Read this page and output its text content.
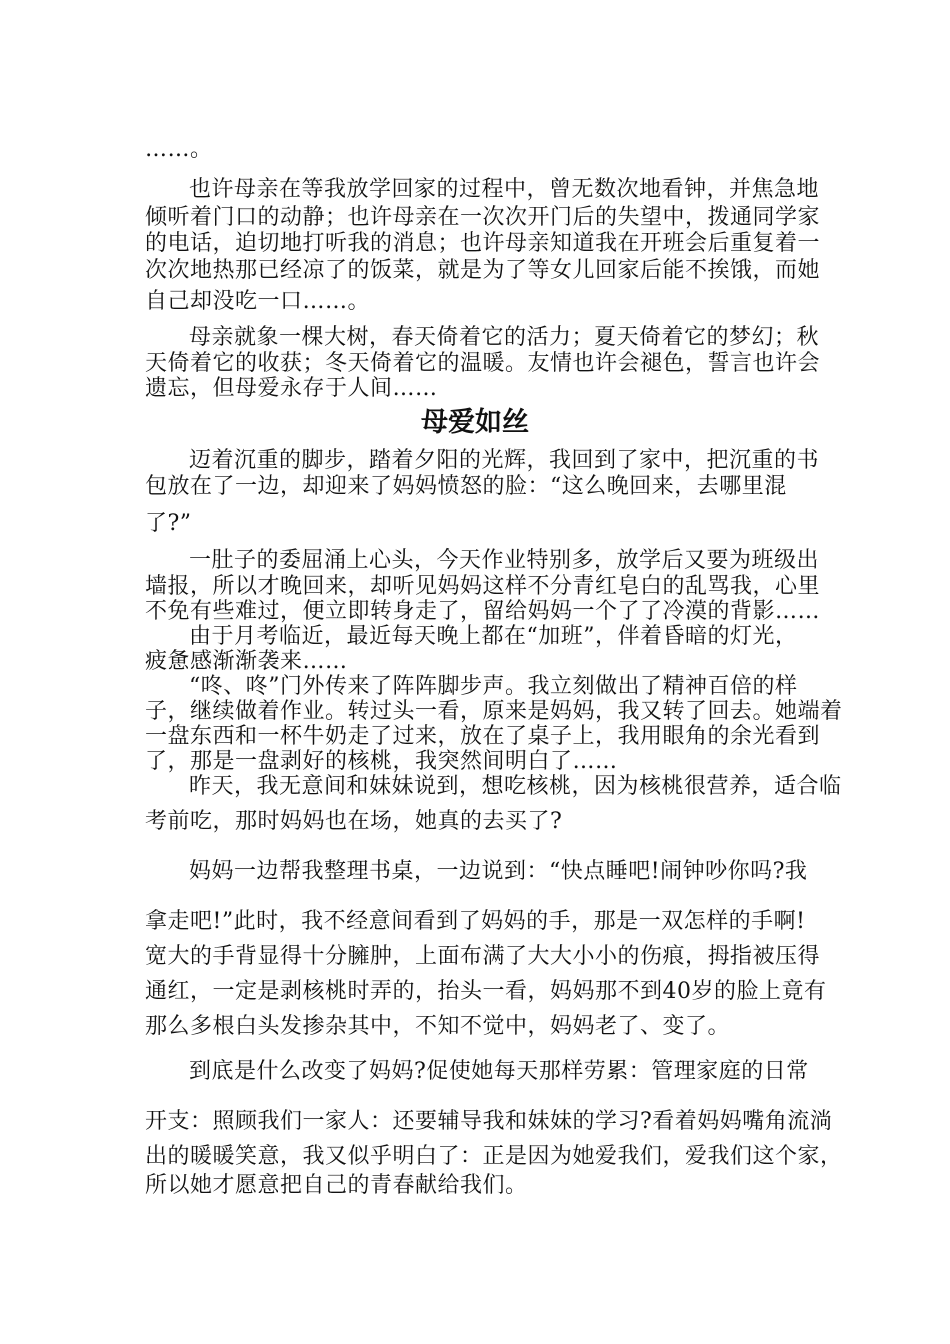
……。
也许母亲在等我放学回家的过程中，曾无数次地看钟，并焦急地
倾听着门口的动静；也许母亲在一次次开门后的失望中，拨通同学家
的电话，迫切地打听我的消息；也许母亲知道我在开班会后重复着一
次次地热那已经凉了的饭菜，就是为了等女儿回家后能不挨饿，而她
自己却没吃一口……。
母亲就象一棵大树，春天倚着它的活力；夏天倚着它的梦幻；秋
天倚着它的收获；冬天倚着它的温暖。友情也许会褪色，誓言也许会
遗忘，但母爱永存于人间……
母爱如丝
迈着沉重的脚步，踏着夕阳的光辉，我回到了家中，把沉重的书
包放在了一边，却迎来了妈妈愤怒的脸：“这么晚回来，去哪里混
了?”
一肚子的委屈涌上心头，今天作业特别多，放学后又要为班级出
墙报，所以才晚回来，却听见妈妈这样不分青红皂白的乱骂我，心里
不免有些难过，便立即转身走了，留给妈妈一个了了冷漠的背影……
由于月考临近，最近每天晚上都在“加班”，伴着昏暗的灯光，
疲惫感渐渐袭来……
“咚、咚”门外传来了阵阵脚步声。我立刻做出了精神百倍的样
子，继续做着作业。转过头一看，原来是妈妈，我又转了回去。她端着
一盘东西和一杯牛奶走了过来，放在了桌子上，我用眼角的余光看到
了，那是一盘剥好的核桃，我突然间明白了……
昨天，我无意间和妹妹说到，想吃核桃，因为核桃很营养，适合临
考前吃，那时妈妈也在场，她真的去买了?
妈妈一边帮我整理书桌，一边说到：“快点睡吧!闹钟吵你吗?我
拿走吧!”此时，我不经意间看到了妈妈的手，那是一双怎样的手啊!
宽大的手背显得十分臃肿，上面布满了大大小小的伤痕，拇指被压得
通红，一定是剥核桃时弄的，抬头一看，妈妈那不到40岁的脸上竟有
那么多根白头发掺杂其中，不知不觉中，妈妈老了、变了。
到底是什么改变了妈妈?促使她每天那样劳累：管理家庭的日常
开支：照顾我们一家人：还要辅导我和妹妹的学习?看着妈妈嘴角流淌
出的暖暖笑意，我又似乎明白了：正是因为她爱我们，爱我们这个家，
所以她才愿意把自己的青春献给我们。
